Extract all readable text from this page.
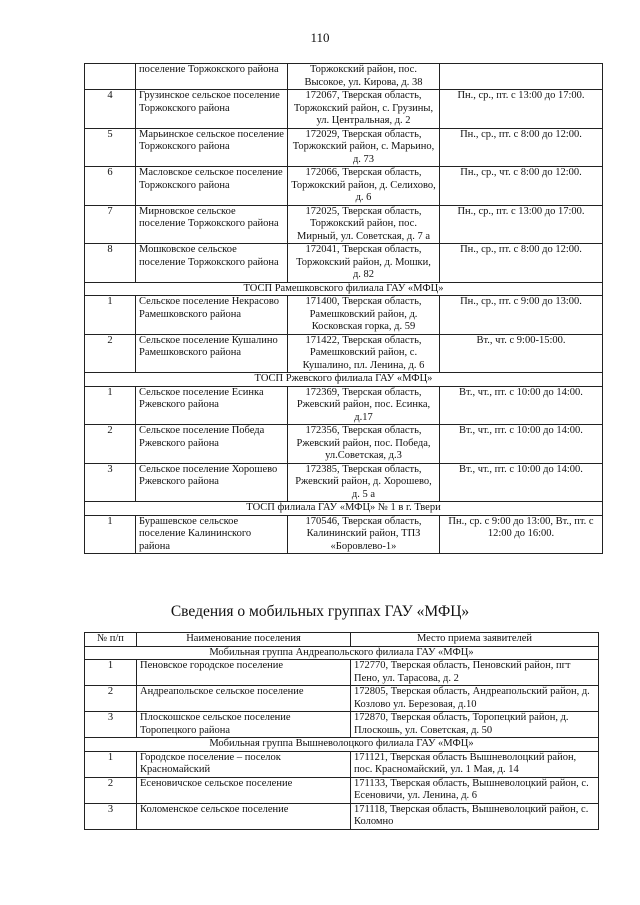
110
	поселение Торжокского района	Торжокский район, пос. Высокое, ул. Кирова, д. 38	
4	Грузинское сельское поселение Торжокского района	172067, Тверская область, Торжокский район, с. Грузины, ул. Центральная, д. 2	Пн., ср., пт. с 13:00 до 17:00.
5	Марьинское сельское поселение Торжокского района	172029, Тверская область, Торжокский район, с. Марьино, д. 73	Пн., ср., пт. с 8:00 до 12:00.
6	Масловское сельское поселение Торжокского района	172066, Тверская область, Торжокский район, д. Селихово, д. 6	Пн., ср., чт. с 8:00 до 12:00.
7	Мирновское сельское поселение Торжокского района	172025, Тверская область, Торжокский район, пос. Мирный, ул. Советская, д. 7 а	Пн., ср., пт. с 13:00 до 17:00.
8	Мошковское сельское поселение Торжокского района	172041, Тверская область, Торжокский район, д. Мошки, д. 82	Пн., ср., пт. с 8:00 до 12:00.
ТОСП Рамешковского филиала ГАУ «МФЦ»			
1	Сельское поселение Некрасово Рамешковского района	171400, Тверская область, Рамешковский район, д. Косковская горка, д. 59	Пн., ср., пт. с 9:00 до 13:00.
2	Сельское поселение Кушалино Рамешковского района	171422, Тверская область, Рамешковский район, с. Кушалино, пл. Ленина, д. 6	Вт., чт. с 9:00-15:00.
ТОСП Ржевского филиала ГАУ «МФЦ»			
1	Сельское поселение Есинка Ржевского района	172369, Тверская область, Ржевский район, пос. Есинка, д.17	Вт., чт., пт. с 10:00 до 14:00.
2	Сельское поселение Победа Ржевского района	172356, Тверская область, Ржевский район, пос. Победа, ул.Советская, д.3	Вт., чт., пт. с 10:00 до 14:00.
3	Сельское поселение Хорошево Ржевского района	172385, Тверская область, Ржевский район, д. Хорошево, д. 5 а	Вт., чт., пт. с 10:00 до 14:00.
ТОСП филиала ГАУ «МФЦ» № 1 в г. Твери			
1	Бурашевское сельское поселение Калининского района	170546, Тверская область, Калининский район, ТПЗ «Боровлево-1»	Пн., ср. с 9:00 до 13:00, Вт., пт. с 12:00 до 16:00.
Сведения о мобильных группах ГАУ «МФЦ»
№ п/п	Наименование поселения	Место приема заявителей
Мобильная группа Андреапольского филиала ГАУ «МФЦ»		
1	Пеновское городское поселение	172770, Тверская область, Пеновский район, пгт Пено, ул. Тарасова, д. 2
2	Андреапольское сельское поселение	172805, Тверская область, Андреапольский район, д. Козлово ул. Березовая, д.10
3	Плоскошское сельское поселение Торопецкого района	172870, Тверская область, Торопецкий район, д. Плоскошь, ул. Советская, д. 50
Мобильная группа Вышневолоцкого филиала ГАУ «МФЦ»		
1	Городское поселение – поселок Красномайский	171121, Тверская область Вышневолоцкий район, пос. Красномайский, ул. 1 Мая, д. 14
2	Есеновичское сельское поселение	171133, Тверская область, Вышневолоцкий район, с. Есеновичи, ул. Ленина, д. 6
3	Коломенское сельское поселение	171118, Тверская область, Вышневолоцкий район, с. Коломно
